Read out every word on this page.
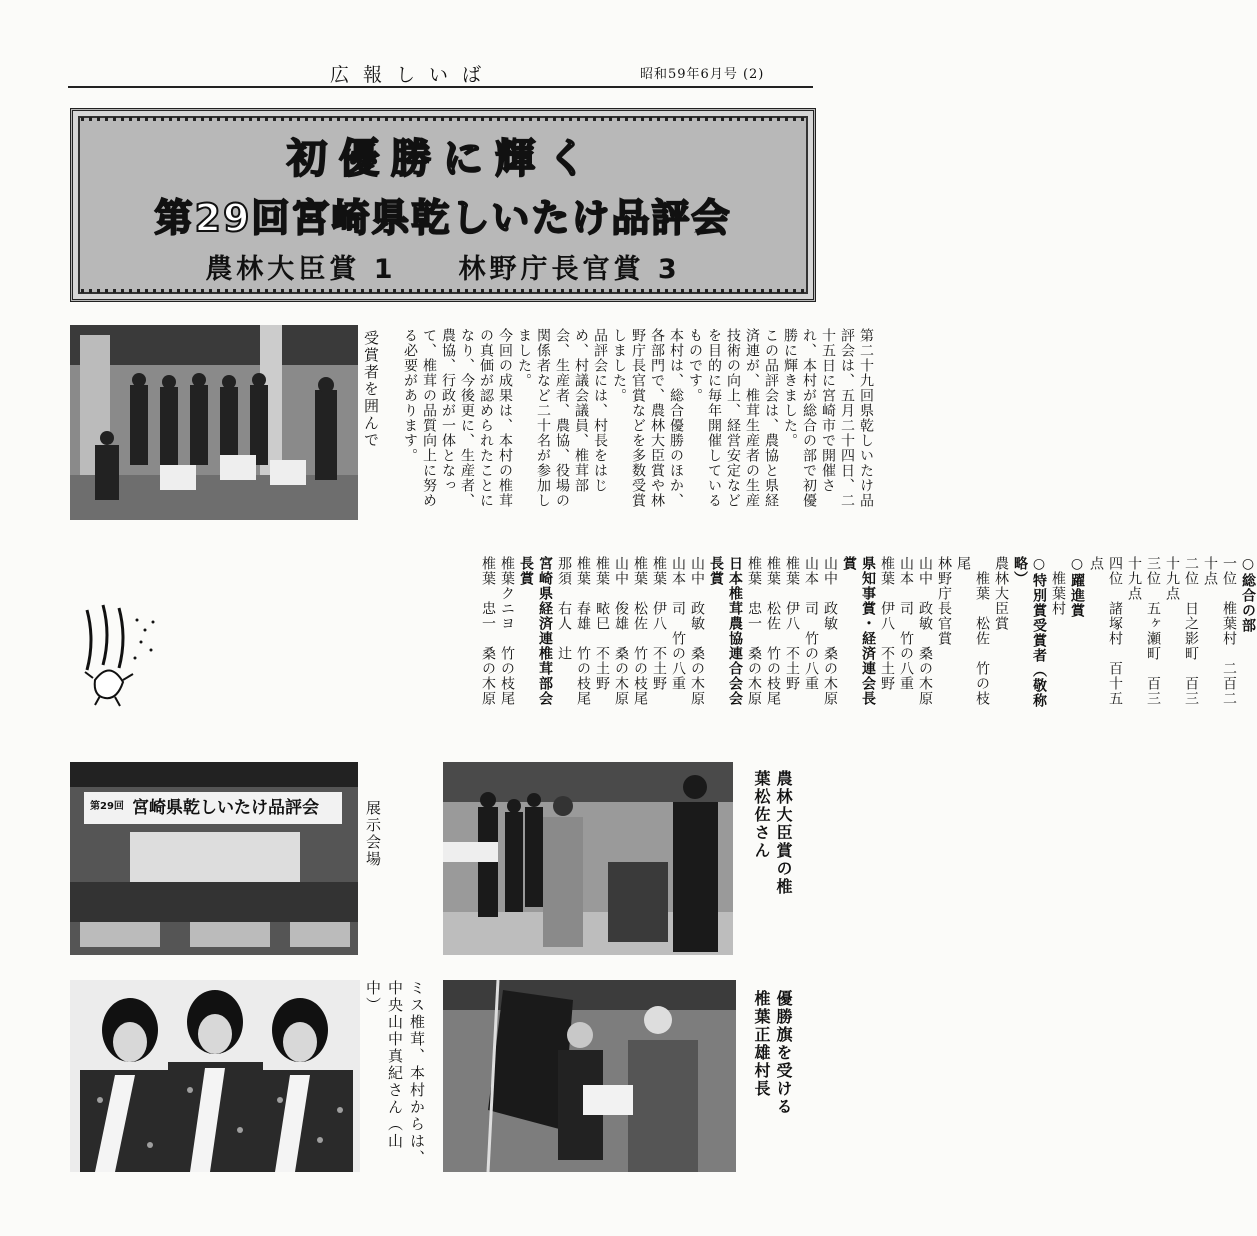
広報しいば	昭和59年6月号 (2)
初優勝に輝く
第29回宮崎県乾しいたけ品評会
農林大臣賞 1　　林野庁長官賞 3
受賞者を囲んで	第二十九回県乾しいたけ品評会は、五月二十四日、二十五日に宮崎市で開催され、本村が総合の部で初優勝に輝きました。
この品評会は、農協と県経済連が、椎茸生産者の生産技術の向上、経営安定などを目的に毎年開催しているものです。
本村は、総合優勝のほか、各部門で、農林大臣賞や林野庁長官賞などを多数受賞しました。
品評会には、村長をはじめ、村議会議員、椎茸部会、生産者、農協、役場の関係者など二十名が参加しました。
今回の成果は、本村の椎茸の真価が認められたことになり、今後更に、生産者、農協、行政が一体となって、椎茸の品質向上に努める必要があります。
○総合の部
一位　椎葉村　二百二十点
二位　日之影町　百三十九点
三位　五ヶ瀬町　百三十九点
四位　諸塚村　百十五点
○躍進賞
　椎葉村
○特別賞受賞者（敬称略）
農林大臣賞
　椎葉　松佐　竹の枝尾
林野庁長官賞
山中　政敏　桑の木原
山本　司　竹の八重
椎葉　伊八　不土野
県知事賞・経済連会長賞
山中　政敏　桑の木原
山本　司　竹の八重
椎葉　伊八　不土野
椎葉　松佐　竹の枝尾
椎葉　忠一　桑の木原
日本椎茸農協連合会会長賞
山中　政敏　桑の木原
山本　司　竹の八重
椎葉　伊八　不土野
椎葉　松佐　竹の枝尾
山中　俊雄　桑の木原
椎葉　畩巳　不土野
椎葉　春雄　竹の枝尾
那須　右人　辻
宮崎県経済連椎茸部会長賞
椎葉クニヨ　竹の枝尾
椎葉　忠一　桑の木原
第29回 宮崎県乾しいたけ品評会	展示会場	農林大臣賞の椎葉松佐さん
ミス椎茸、本村からは、中央山中真紀さん（山中）	優勝旗を受ける椎葉正雄村長
